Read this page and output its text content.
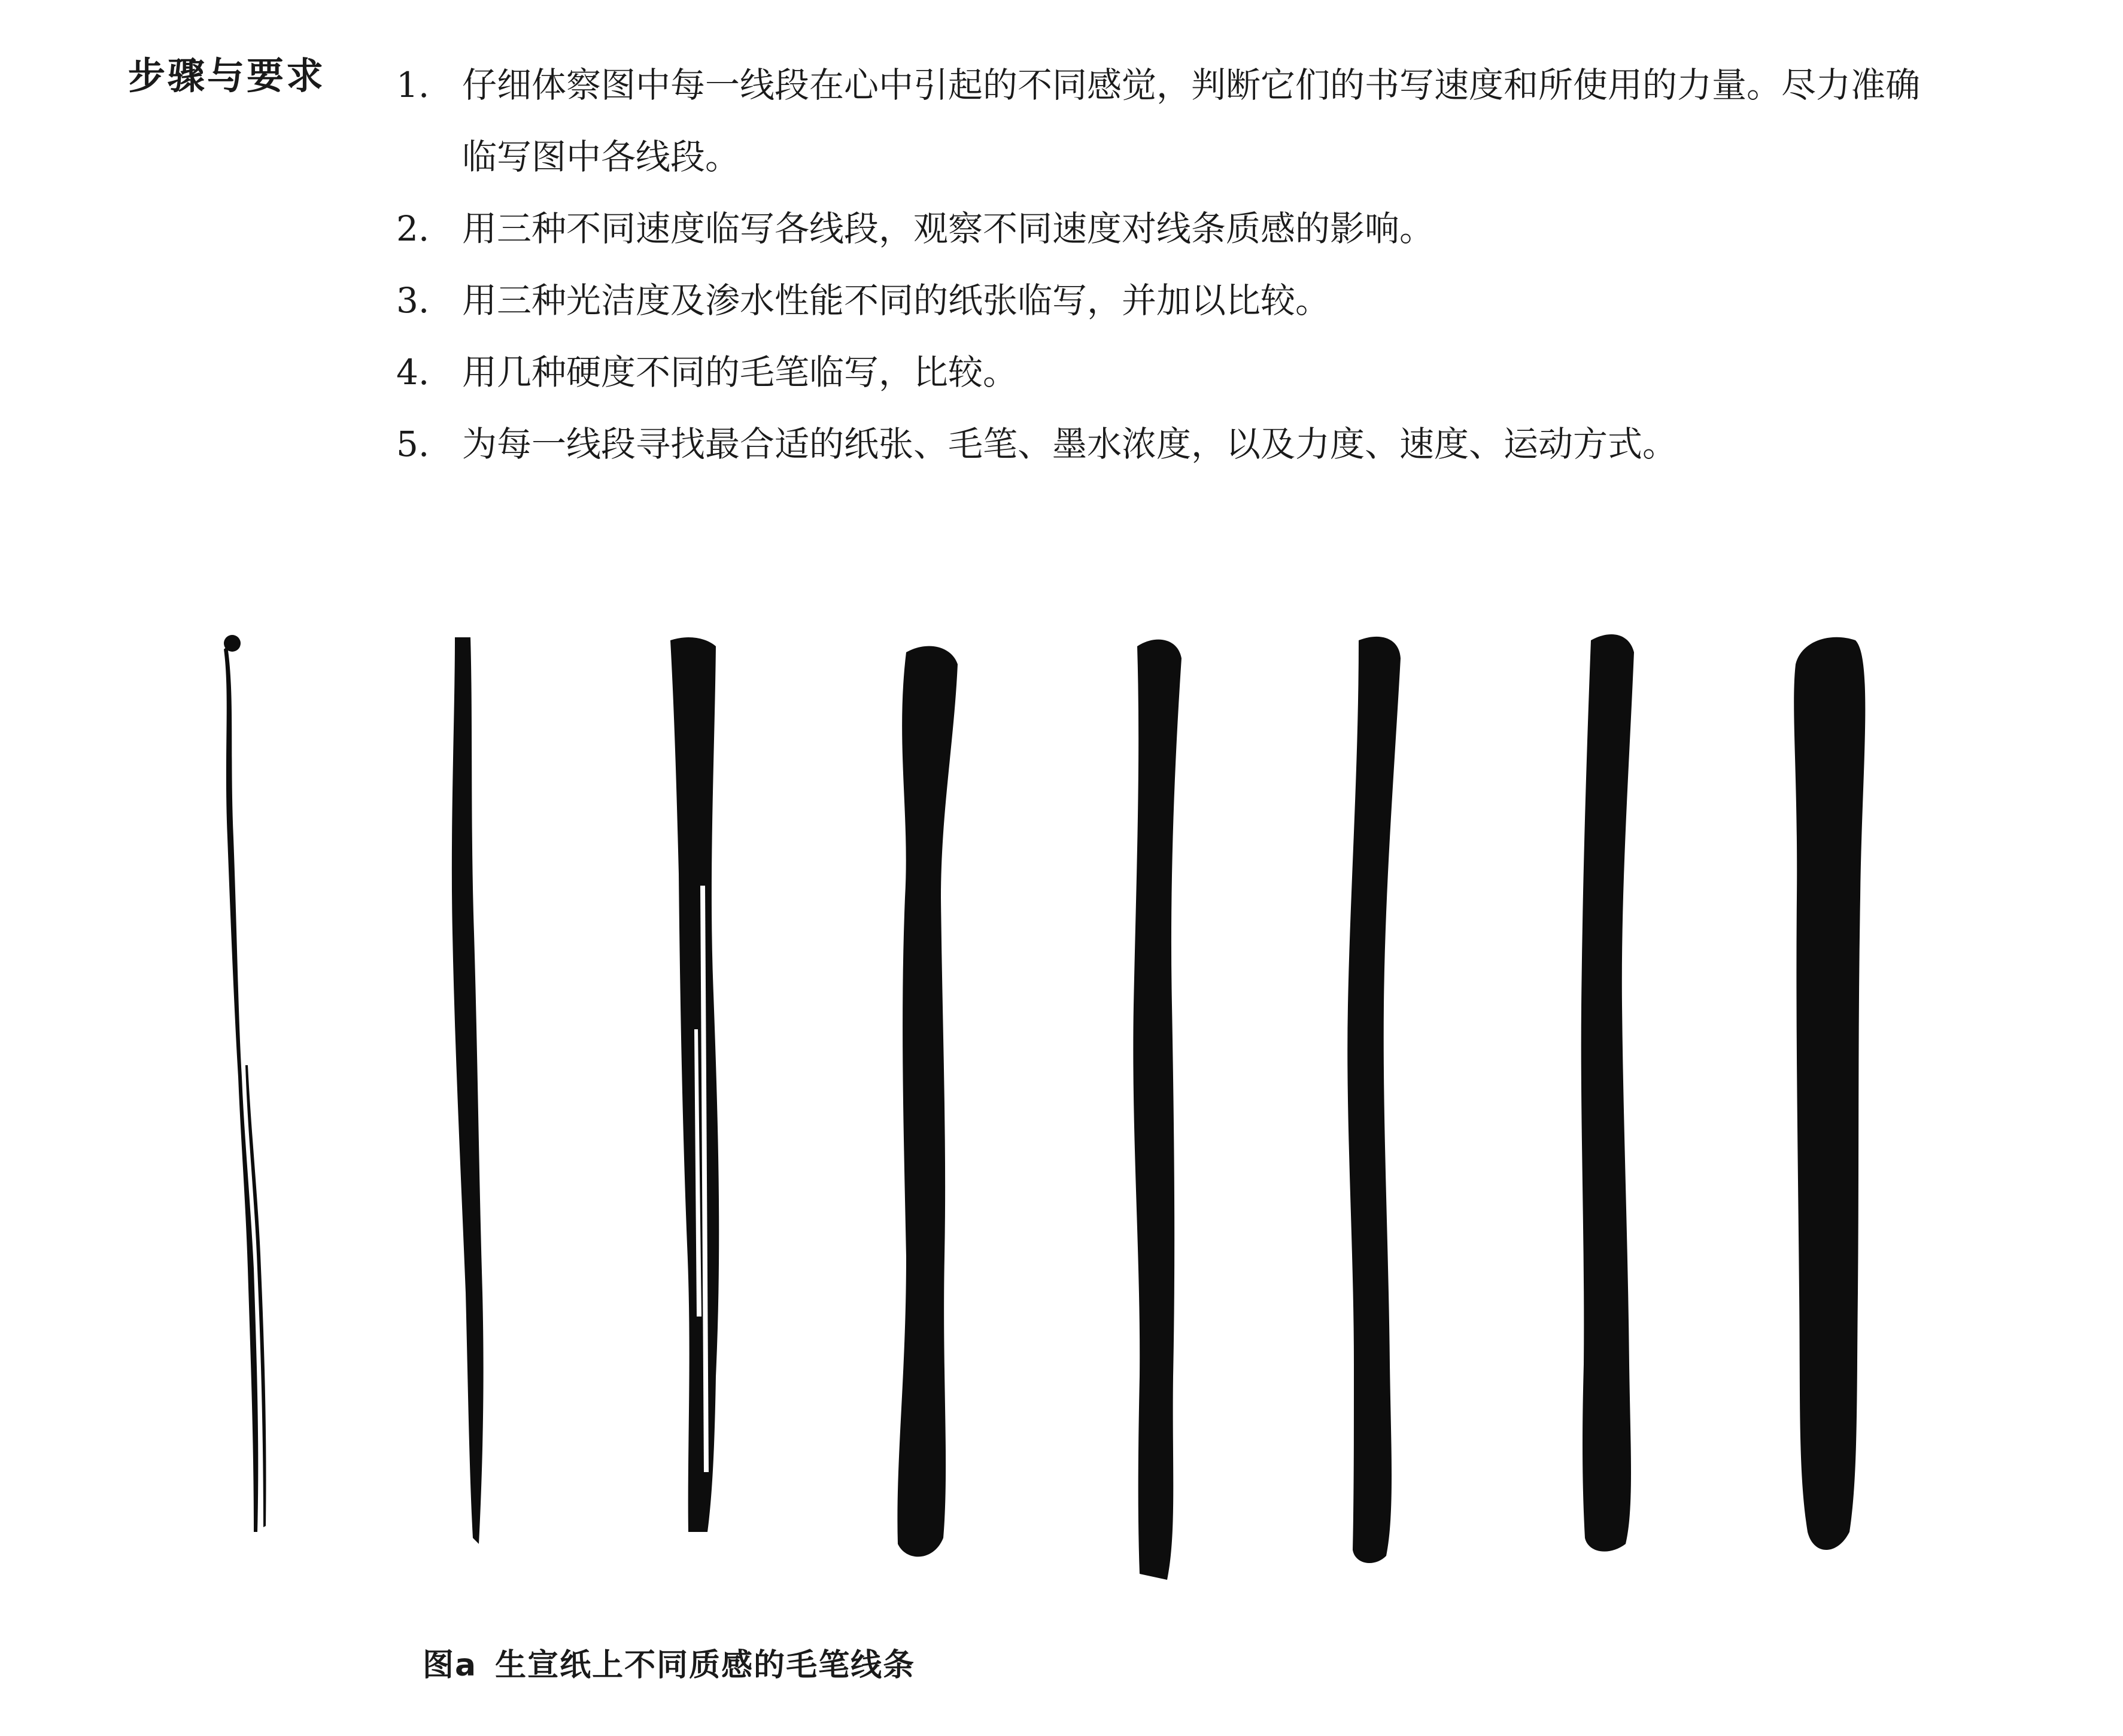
步骤与要求 1. 仔细体察图中每一线段在心中引起的不同感觉，判断它们的书写速度和所使用的力量。尽力准确临写图中各线段。
2. 用三种不同速度临写各线段，观察不同速度对线条质感的影响。
3. 用三种光洁度及渗水性能不同的纸张临写，并加以比较。
4. 用几种硬度不同的毛笔临写，比较。
5. 为每一线段寻找最合适的纸张、毛笔、墨水浓度，以及力度、速度、运动方式。
图a 生宣纸上不同质感的毛笔线条
